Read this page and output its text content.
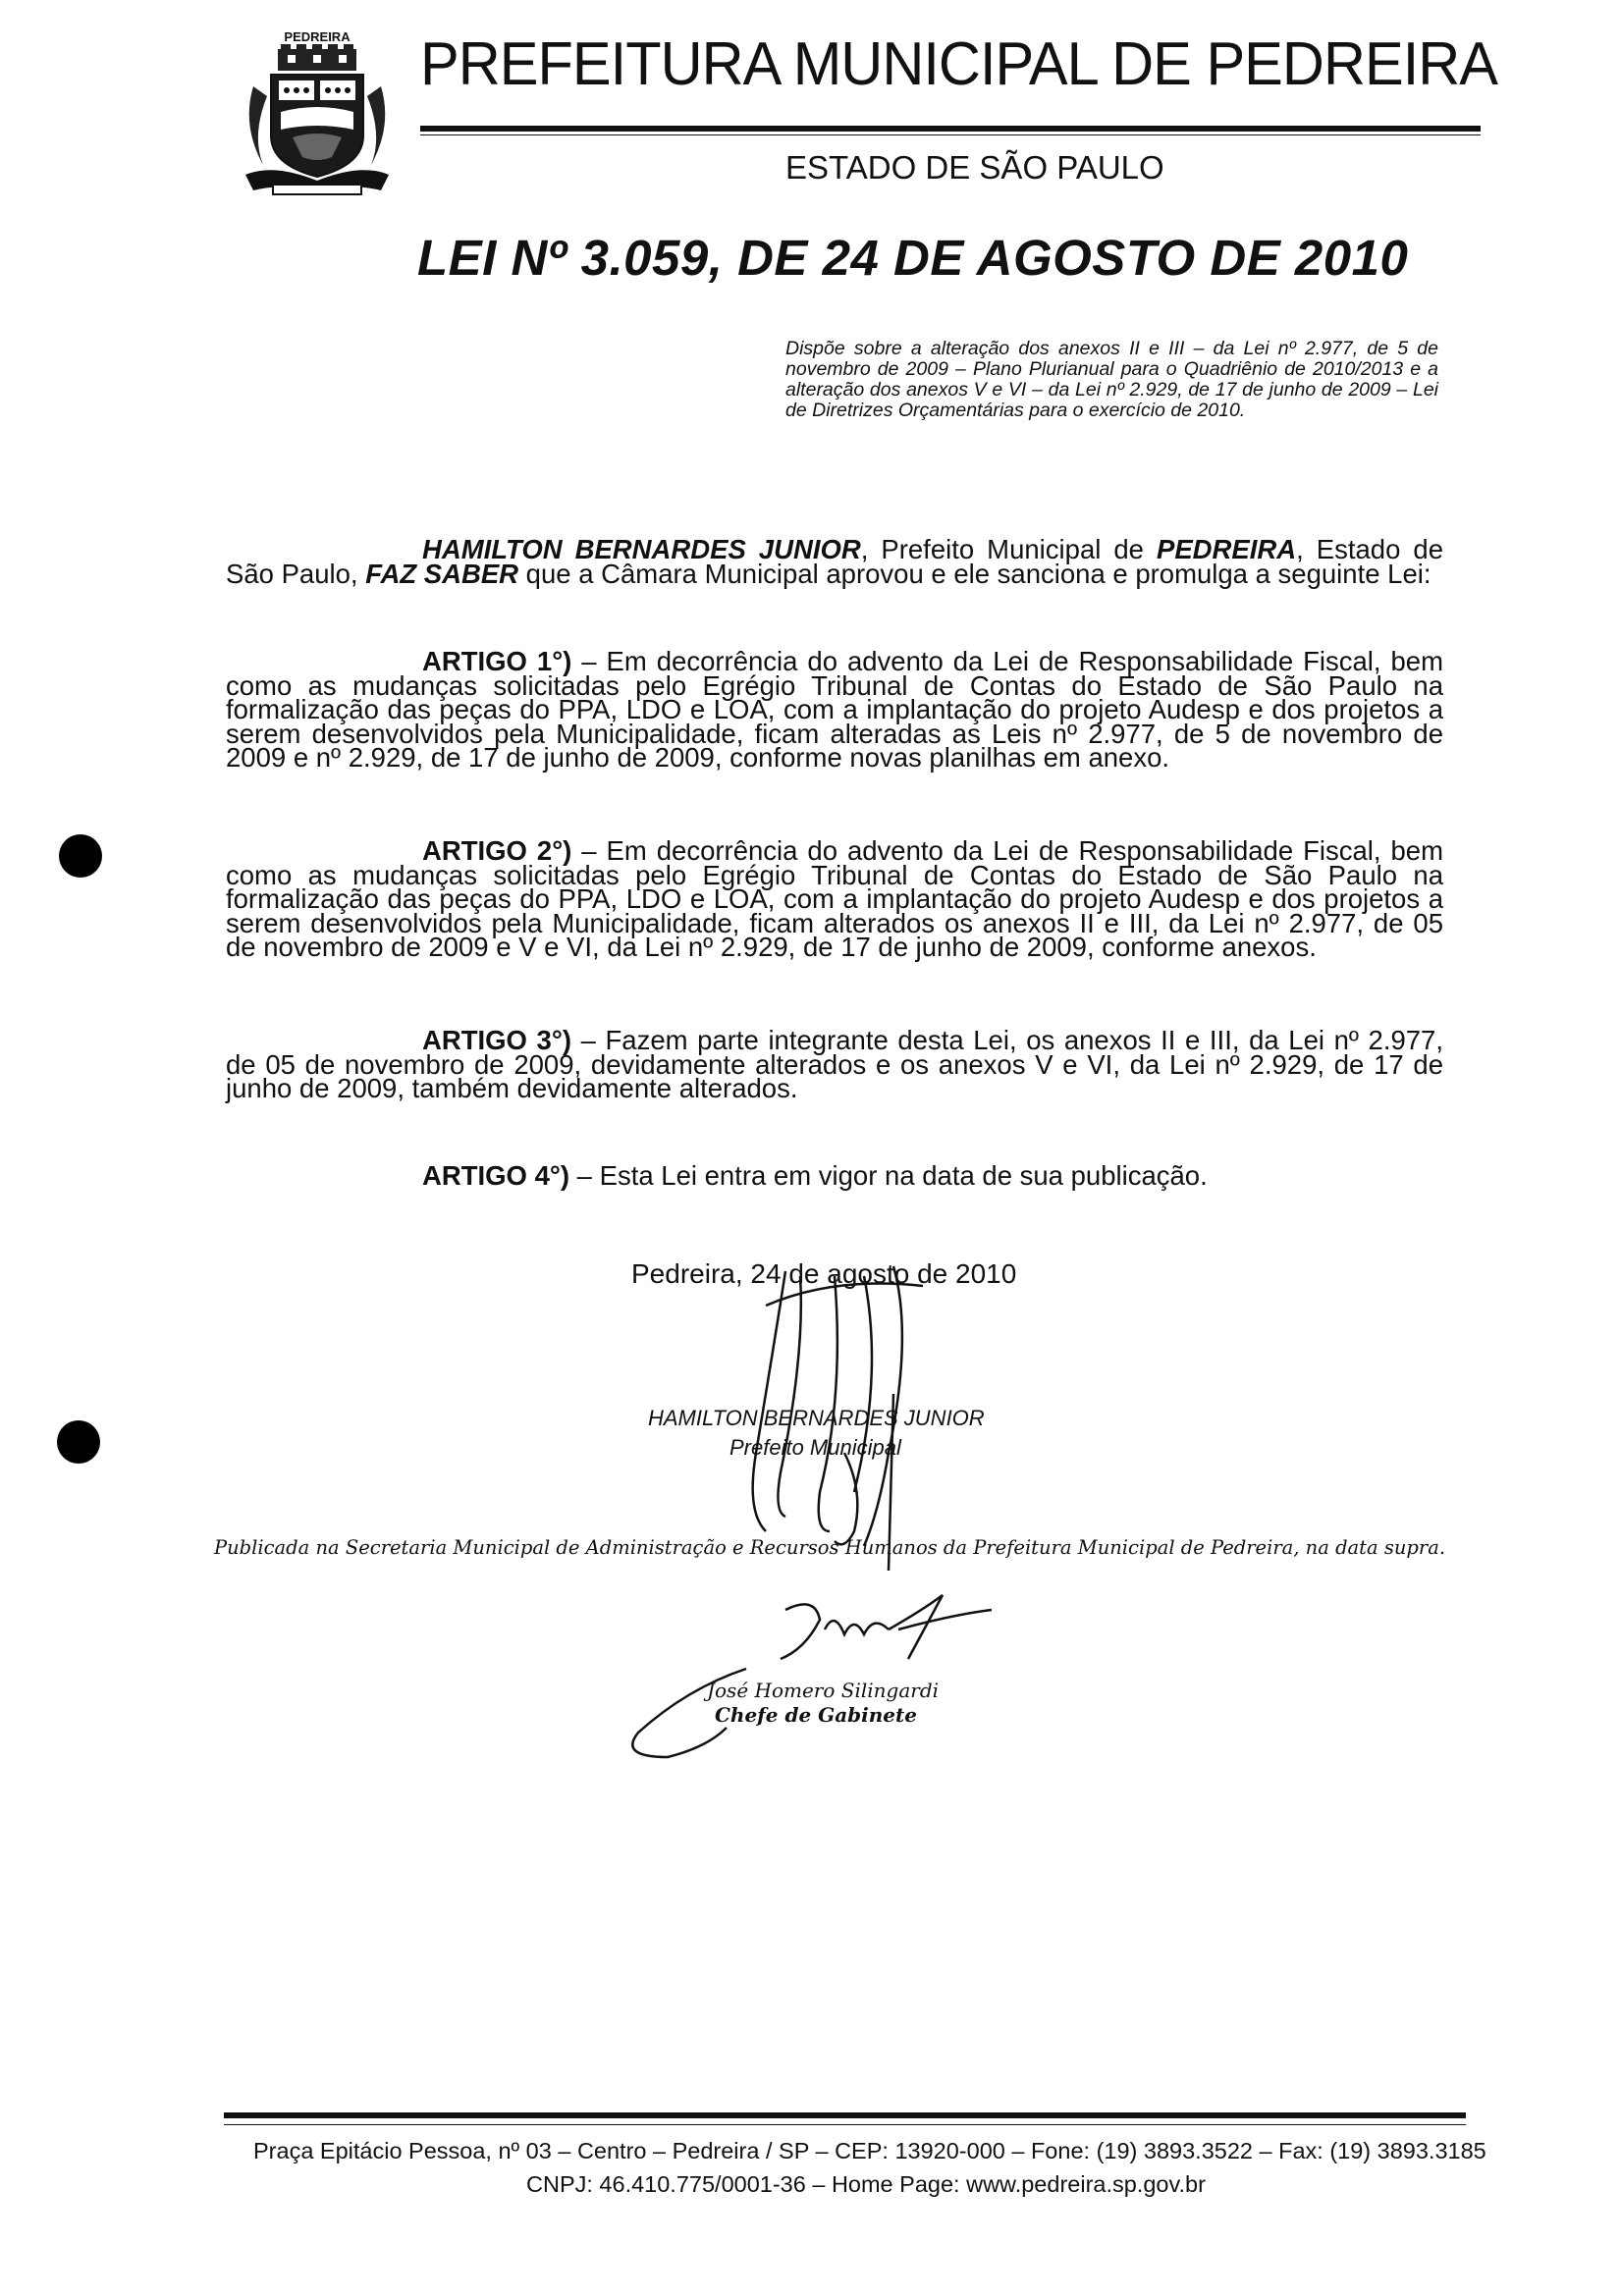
PEDREIRA PREFEITURA MUNICIPAL DE PEDREIRA
ESTADO DE SÃO PAULO
LEI Nº 3.059, DE 24 DE AGOSTO DE 2010
Dispõe sobre a alteração dos anexos II e III – da Lei nº 2.977, de 5 de novembro de 2009 – Plano Plurianual para o Quadriênio de 2010/2013 e a alteração dos anexos V e VI – da Lei nº 2.929, de 17 de junho de 2009 – Lei de Diretrizes Orçamentárias para o exercício de 2010.
HAMILTON BERNARDES JUNIOR, Prefeito Municipal de PEDREIRA, Estado de São Paulo, FAZ SABER que a Câmara Municipal aprovou e ele sanciona e promulga a seguinte Lei:
ARTIGO 1°) – Em decorrência do advento da Lei de Responsabilidade Fiscal, bem como as mudanças solicitadas pelo Egrégio Tribunal de Contas do Estado de São Paulo na formalização das peças do PPA, LDO e LOA, com a implantação do projeto Audesp e dos projetos a serem desenvolvidos pela Municipalidade, ficam alteradas as Leis nº 2.977, de 5 de novembro de 2009 e nº 2.929, de 17 de junho de 2009, conforme novas planilhas em anexo.
ARTIGO 2°) – Em decorrência do advento da Lei de Responsabilidade Fiscal, bem como as mudanças solicitadas pelo Egrégio Tribunal de Contas do Estado de São Paulo na formalização das peças do PPA, LDO e LOA, com a implantação do projeto Audesp e dos projetos a serem desenvolvidos pela Municipalidade, ficam alterados os anexos II e III, da Lei nº 2.977, de 05 de novembro de 2009 e V e VI, da Lei nº 2.929, de 17 de junho de 2009, conforme anexos.
ARTIGO 3°) – Fazem parte integrante desta Lei, os anexos II e III, da Lei nº 2.977, de 05 de novembro de 2009, devidamente alterados e os anexos V e VI, da Lei nº 2.929, de 17 de junho de 2009, também devidamente alterados.
ARTIGO 4°) – Esta Lei entra em vigor na data de sua publicação.
Pedreira, 24 de agosto de 2010
HAMILTON BERNARDES JUNIOR
Prefeito Municipal
Publicada na Secretaria Municipal de Administração e Recursos Humanos da Prefeitura Municipal de Pedreira, na data supra.
José Homero Silingardi
Chefe de Gabinete
Praça Epitácio Pessoa, nº 03 – Centro – Pedreira / SP – CEP: 13920-000 – Fone: (19) 3893.3522 – Fax: (19) 3893.3185
CNPJ: 46.410.775/0001-36 – Home Page: www.pedreira.sp.gov.br
